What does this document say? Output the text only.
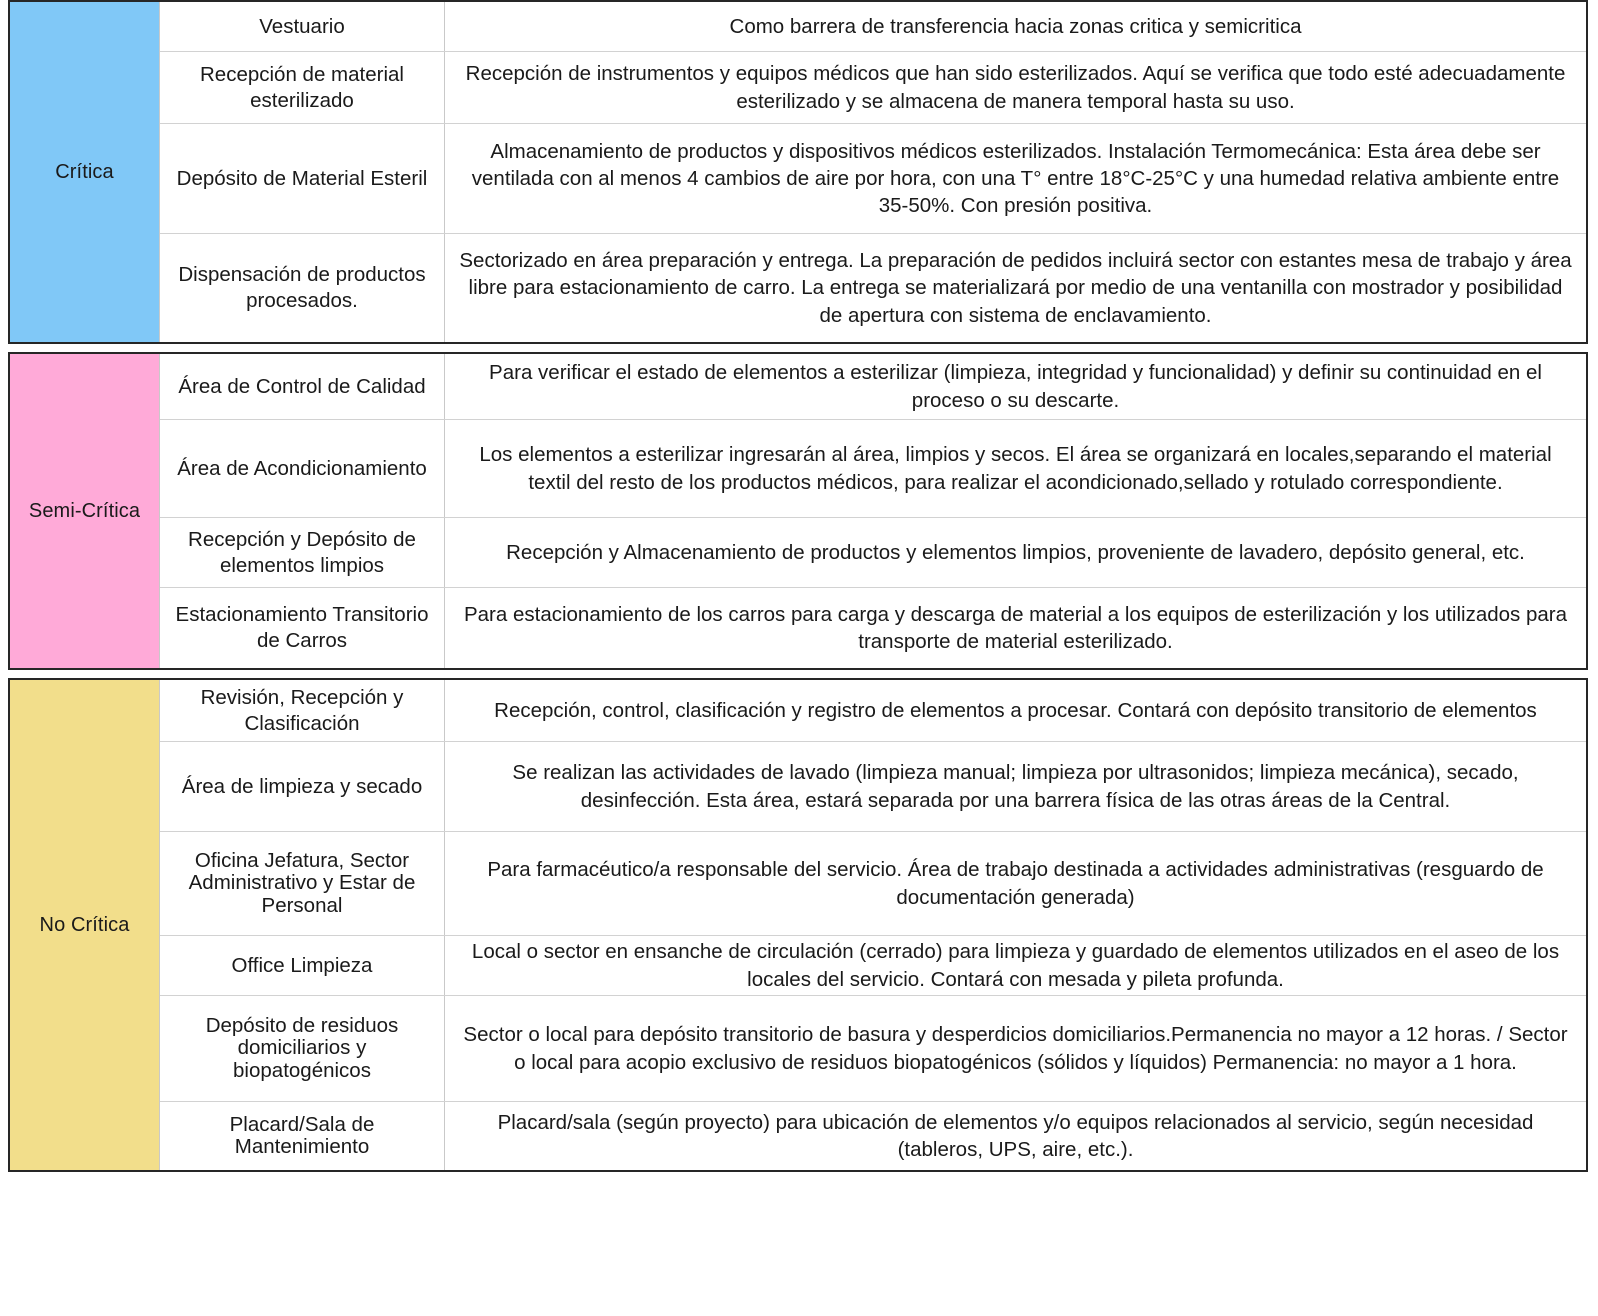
Crítica
Vestuario	Como barrera de transferencia hacia zonas critica y semicritica
Recepción de material esterilizado
Recepción de instrumentos y equipos médicos que han sido esterilizados. Aquí se verifica que todo esté adecuadamente esterilizado y se almacena de manera temporal hasta su uso.
Depósito de Material Esteril
Almacenamiento de productos y dispositivos médicos esterilizados. Instalación Termomecánica: Esta área debe ser ventilada con al menos 4 cambios de aire por hora, con una T° entre 18°C-25°C y una humedad relativa ambiente entre 35-50%. Con presión positiva.
Dispensación de productos procesados.
Sectorizado en área preparación y entrega. La preparación de pedidos incluirá sector con estantes mesa de trabajo y área libre para estacionamiento de carro. La entrega se materializará por medio de una ventanilla con mostrador y posibilidad de apertura con sistema de enclavamiento.
Semi-Crítica
Área de Control de Calidad
Para verificar el estado de elementos a esterilizar (limpieza, integridad y funcionalidad) y definir su continuidad en el proceso o su descarte.
Área de Acondicionamiento
Los elementos a esterilizar ingresarán al área, limpios y secos. El área se organizará en locales,separando el material textil del resto de los productos médicos, para realizar el acondicionado,sellado y rotulado correspondiente.
Recepción y Depósito de elementos limpios
Recepción y Almacenamiento de productos y elementos limpios, proveniente de lavadero, depósito general, etc.
Estacionamiento Transitorio de Carros
Para estacionamiento de los carros para carga y descarga de material a los equipos de esterilización y los utilizados para transporte de material esterilizado.
No Crítica
Revisión, Recepción y Clasificación
Recepción, control, clasificación y registro de elementos a procesar. Contará con depósito transitorio de elementos
Área de limpieza y secado
Se realizan las actividades de lavado (limpieza manual; limpieza por ultrasonidos; limpieza mecánica), secado, desinfección. Esta área, estará separada por una barrera física de las otras áreas de la Central.
Oficina Jefatura, Sector Administrativo y Estar de Personal
Para farmacéutico/a responsable del servicio. Área de trabajo destinada a actividades administrativas (resguardo de documentación generada)
Office Limpieza
Local o sector en ensanche de circulación (cerrado) para limpieza y guardado de elementos utilizados en el aseo de los locales del servicio. Contará con mesada y pileta profunda.
Depósito de residuos domiciliarios y biopatogénicos
Sector o local para depósito transitorio de basura y desperdicios domiciliarios.Permanencia no mayor a 12 horas. / Sector o local para acopio exclusivo de residuos biopatogénicos (sólidos y líquidos) Permanencia: no mayor a 1 hora.
Placard/Sala de Mantenimiento
Placard/sala (según proyecto) para ubicación de elementos y/o equipos relacionados al servicio, según necesidad (tableros, UPS, aire, etc.).
